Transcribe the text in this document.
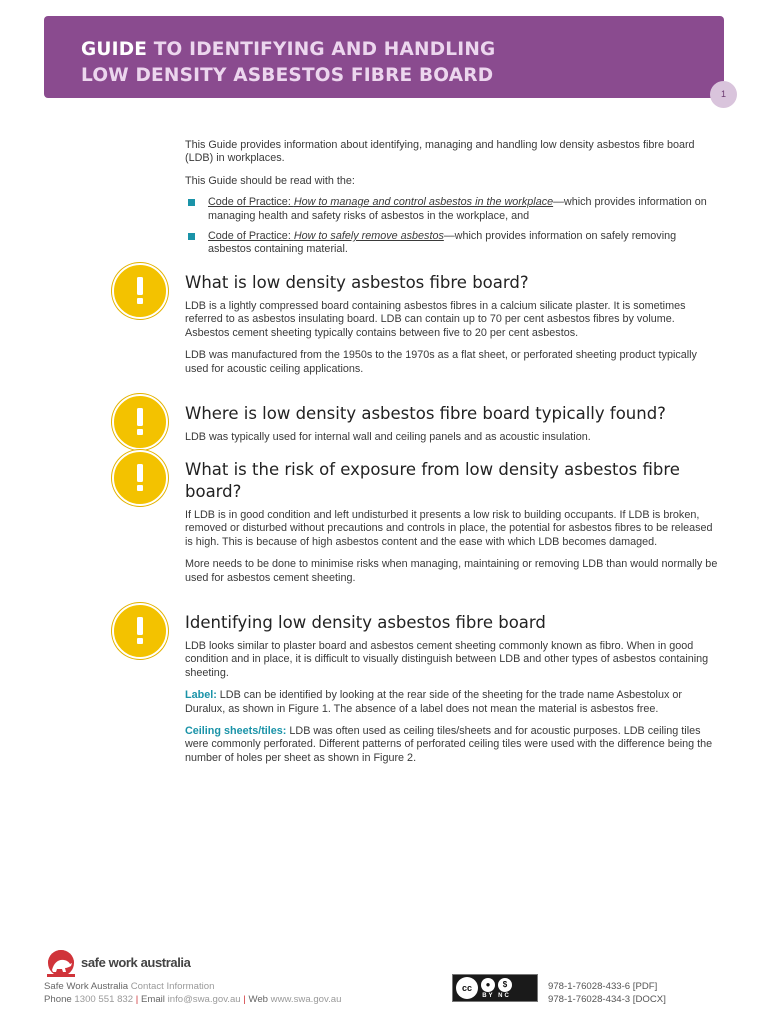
GUIDE TO IDENTIFYING AND HANDLING
LOW DENSITY ASBESTOS FIBRE BOARD
1

This Guide provides information about identifying, managing and handling low density asbestos fibre board (LDB) in workplaces.

This Guide should be read with the:

Code of Practice: How to manage and control asbestos in the workplace—which provides information on managing health and safety risks of asbestos in the workplace, and
Code of Practice: How to safely remove asbestos—which provides information on safely removing asbestos containing material.
What is low density asbestos fibre board?

LDB is a lightly compressed board containing asbestos fibres in a calcium silicate plaster. It is sometimes referred to as asbestos insulating board. LDB can contain up to 70 per cent asbestos fibres by volume. Asbestos cement sheeting typically contains between five to 20 per cent asbestos.

LDB was manufactured from the 1950s to the 1970s as a flat sheet, or perforated sheeting product typically used for acoustic ceiling applications.

Where is low density asbestos fibre board typically found?

LDB was typically used for internal wall and ceiling panels and as acoustic insulation.

What is the risk of exposure from low density asbestos fibre board?

If LDB is in good condition and left undisturbed it presents a low risk to building occupants. If LDB is broken, removed or disturbed without precautions and controls in place, the potential for asbestos fibres to be released is high. This is because of high asbestos content and the ease with which LDB becomes damaged.

More needs to be done to minimise risks when managing, maintaining or removing LDB than would normally be used for asbestos cement sheeting.

Identifying low density asbestos fibre board

LDB looks similar to plaster board and asbestos cement sheeting commonly known as fibro. When in good condition and in place, it is difficult to visually distinguish between LDB and other types of asbestos containing sheeting.

Label: LDB can be identified by looking at the rear side of the sheeting for the trade name Asbestolux or Duralux, as shown in Figure 1. The absence of a label does not mean the material is asbestos free.

Ceiling sheets/tiles: LDB was often used as ceiling tiles/sheets and for acoustic purposes. LDB ceiling tiles were commonly perforated. Different patterns of perforated ceiling tiles were used with the difference being the number of holes per sheet as shown in Figure 2.

safe work australia
Safe Work Australia Contact Information
Phone 1300 551 832 | Email info@swa.gov.au | Web www.swa.gov.au
cc	●	$
BY NC
978-1-76028-433-6 [PDF]
978-1-76028-434-3 [DOCX]
